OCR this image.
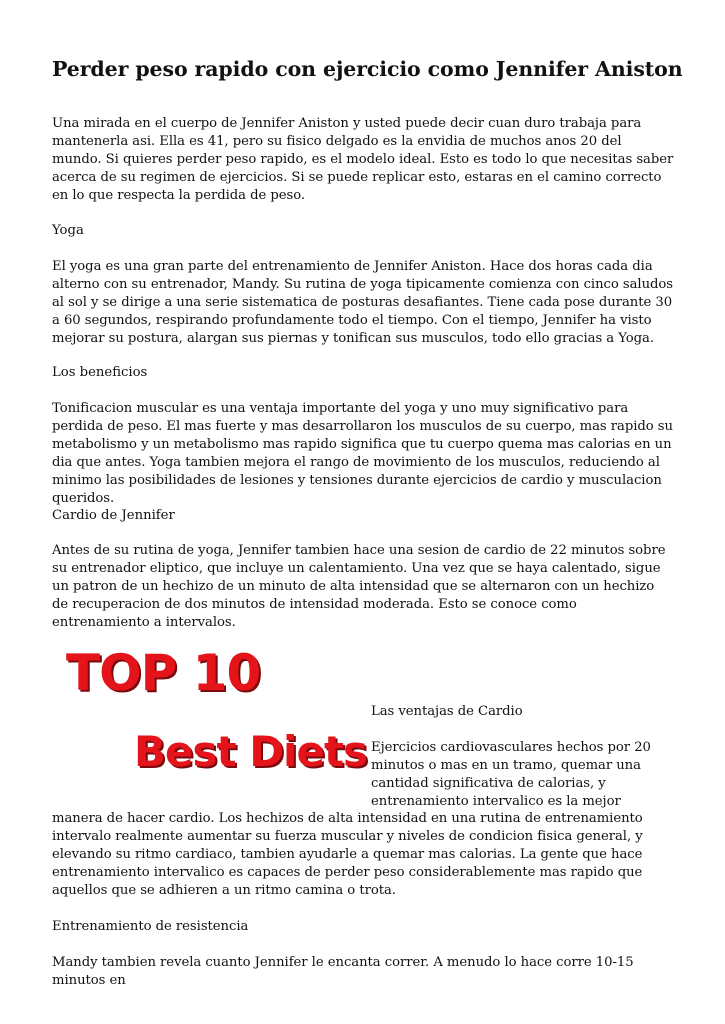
Perder peso rapido con ejercicio como Jennifer Aniston

Una mirada en el cuerpo de Jennifer Aniston y usted puede decir cuan duro trabaja para mantenerla asi. Ella es 41, pero su fisico delgado es la envidia de muchos anos 20 del mundo. Si quieres perder peso rapido, es el modelo ideal. Esto es todo lo que necesitas saber acerca de su regimen de ejercicios. Si se puede replicar esto, estaras en el camino correcto en lo que respecta la perdida de peso.

Yoga

El yoga es una gran parte del entrenamiento de Jennifer Aniston. Hace dos horas cada dia alterno con su entrenador, Mandy. Su rutina de yoga tipicamente comienza con cinco saludos al sol y se dirige a una serie sistematica de posturas desafiantes. Tiene cada pose durante 30 a 60 segundos, respirando profundamente todo el tiempo. Con el tiempo, Jennifer ha visto mejorar su postura, alargan sus piernas y tonifican sus musculos, todo ello gracias a Yoga.

Los beneficios

Tonificacion muscular es una ventaja importante del yoga y uno muy significativo para perdida de peso. El mas fuerte y mas desarrollaron los musculos de su cuerpo, mas rapido su metabolismo y un metabolismo mas rapido significa que tu cuerpo quema mas calorias en un dia que antes. Yoga tambien mejora el rango de movimiento de los musculos, reduciendo al minimo las posibilidades de lesiones y tensiones durante ejercicios de cardio y musculacion queridos.

Cardio de Jennifer

Antes de su rutina de yoga, Jennifer tambien hace una sesion de cardio de 22 minutos sobre su entrenador eliptico, que incluye un calentamiento. Una vez que se haya calentado, sigue un patron de un hechizo de un minuto de alta intensidad que se alternaron con un hechizo de recuperacion de dos minutos de intensidad moderada. Esto se conoce como entrenamiento a intervalos.

TOP 10
Best Diets

Las ventajas de Cardio

Ejercicios cardiovasculares hechos por 20 minutos o mas en un tramo, quemar una cantidad significativa de calorias, y entrenamiento intervalico es la mejor manera de hacer cardio. Los hechizos de alta intensidad en una rutina de entrenamiento intervalo realmente aumentar su fuerza muscular y niveles de condicion fisica general, y elevando su ritmo cardiaco, tambien ayudarle a quemar mas calorias. La gente que hace entrenamiento intervalico es capaces de perder peso considerablemente mas rapido que aquellos que se adhieren a un ritmo camina o trota.

Entrenamiento de resistencia

Mandy tambien revela cuanto Jennifer le encanta correr. A menudo lo hace corre 10-15 minutos en
